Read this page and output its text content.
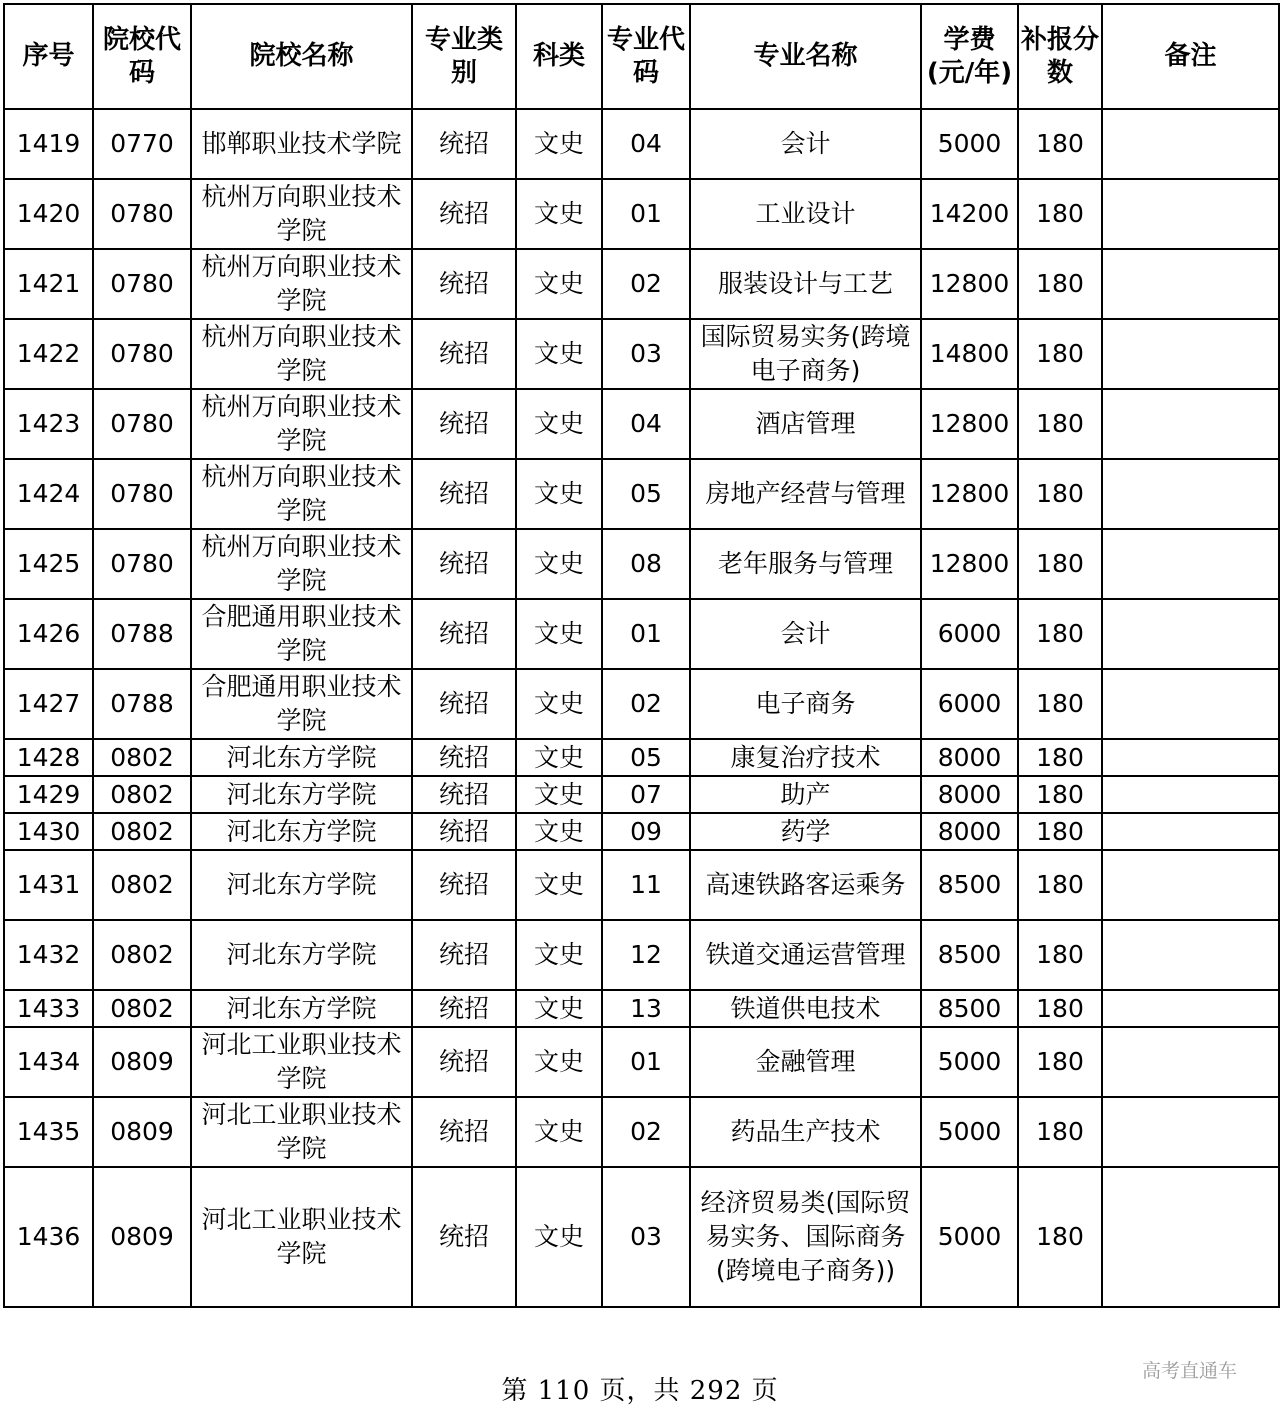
序号	院校代码	院校名称	专业类别	科类	专业代码	专业名称	学费(元/年)	补报分数	备注
1419	0770	邯郸职业技术学院	统招	文史	04	会计	5000	180	
1420	0780	杭州万向职业技术学院	统招	文史	01	工业设计	14200	180	
1421	0780	杭州万向职业技术学院	统招	文史	02	服装设计与工艺	12800	180	
1422	0780	杭州万向职业技术学院	统招	文史	03	国际贸易实务(跨境电子商务)	14800	180	
1423	0780	杭州万向职业技术学院	统招	文史	04	酒店管理	12800	180	
1424	0780	杭州万向职业技术学院	统招	文史	05	房地产经营与管理	12800	180	
1425	0780	杭州万向职业技术学院	统招	文史	08	老年服务与管理	12800	180	
1426	0788	合肥通用职业技术学院	统招	文史	01	会计	6000	180	
1427	0788	合肥通用职业技术学院	统招	文史	02	电子商务	6000	180	
1428	0802	河北东方学院	统招	文史	05	康复治疗技术	8000	180	
1429	0802	河北东方学院	统招	文史	07	助产	8000	180	
1430	0802	河北东方学院	统招	文史	09	药学	8000	180	
1431	0802	河北东方学院	统招	文史	11	高速铁路客运乘务	8500	180	
1432	0802	河北东方学院	统招	文史	12	铁道交通运营管理	8500	180	
1433	0802	河北东方学院	统招	文史	13	铁道供电技术	8500	180	
1434	0809	河北工业职业技术学院	统招	文史	01	金融管理	5000	180	
1435	0809	河北工业职业技术学院	统招	文史	02	药品生产技术	5000	180	
1436	0809	河北工业职业技术学院	统招	文史	03	经济贸易类(国际贸易实务、国际商务(跨境电子商务))	5000	180	
第 110 页，共 292 页
高考直通车
